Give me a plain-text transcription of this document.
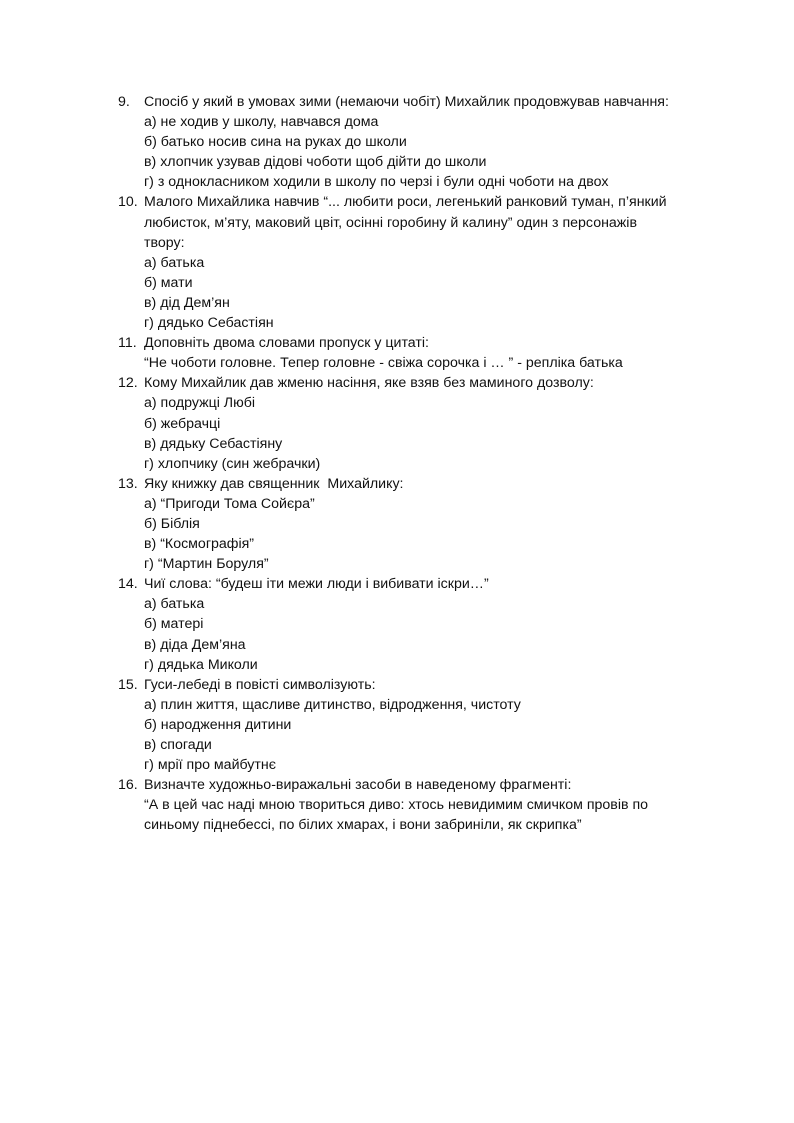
9. Спосіб у який в умовах зими (немаючи чобіт) Михайлик продовжував навчання:
а) не ходив у школу, навчався дома
б) батько носив сина на руках до школи
в) хлопчик узував дідові чоботи щоб дійти до школи
г) з однокласником ходили в школу по черзі і були одні чоботи на двох
10. Малого Михайлика навчив “... любити роси, легенький ранковий туман, п’янкий
любисток, м’яту, маковий цвіт, осінні горобину й калину” один з персонажів
твору:
а) батька
б) мати
в) дід Дем’ян
г) дядько Себастіян
11. Доповніть двома словами пропуск у цитаті:
“Не чоботи головне. Тепер головне - свіжа сорочка і … ” - репліка батька
12. Кому Михайлик дав жменю насіння, яке взяв без маминого дозволу:
а) подружці Любі
б) жебрачці
в) дядьку Себастіяну
г) хлопчику (син жебрачки)
13. Яку книжку дав священник  Михайлику:
а) “Пригоди Тома Сойєра”
б) Біблія
в) “Космографія”
г) “Мартин Боруля”
14. Чиї слова: “будеш іти межи люди і вибивати іскри…”
а) батька
б) матері
в) діда Дем’яна
г) дядька Миколи
15. Гуси-лебеді в повісті символізують:
а) плин життя, щасливе дитинство, відродження, чистоту
б) народження дитини
в) спогади
г) мрії про майбутнє
16. Визначте художньо-виражальні засоби в наведеному фрагменті:
“А в цей час наді мною твориться диво: хтось невидимим смичком провів по
синьому піднебессі, по білих хмарах, і вони забриніли, як скрипка”
